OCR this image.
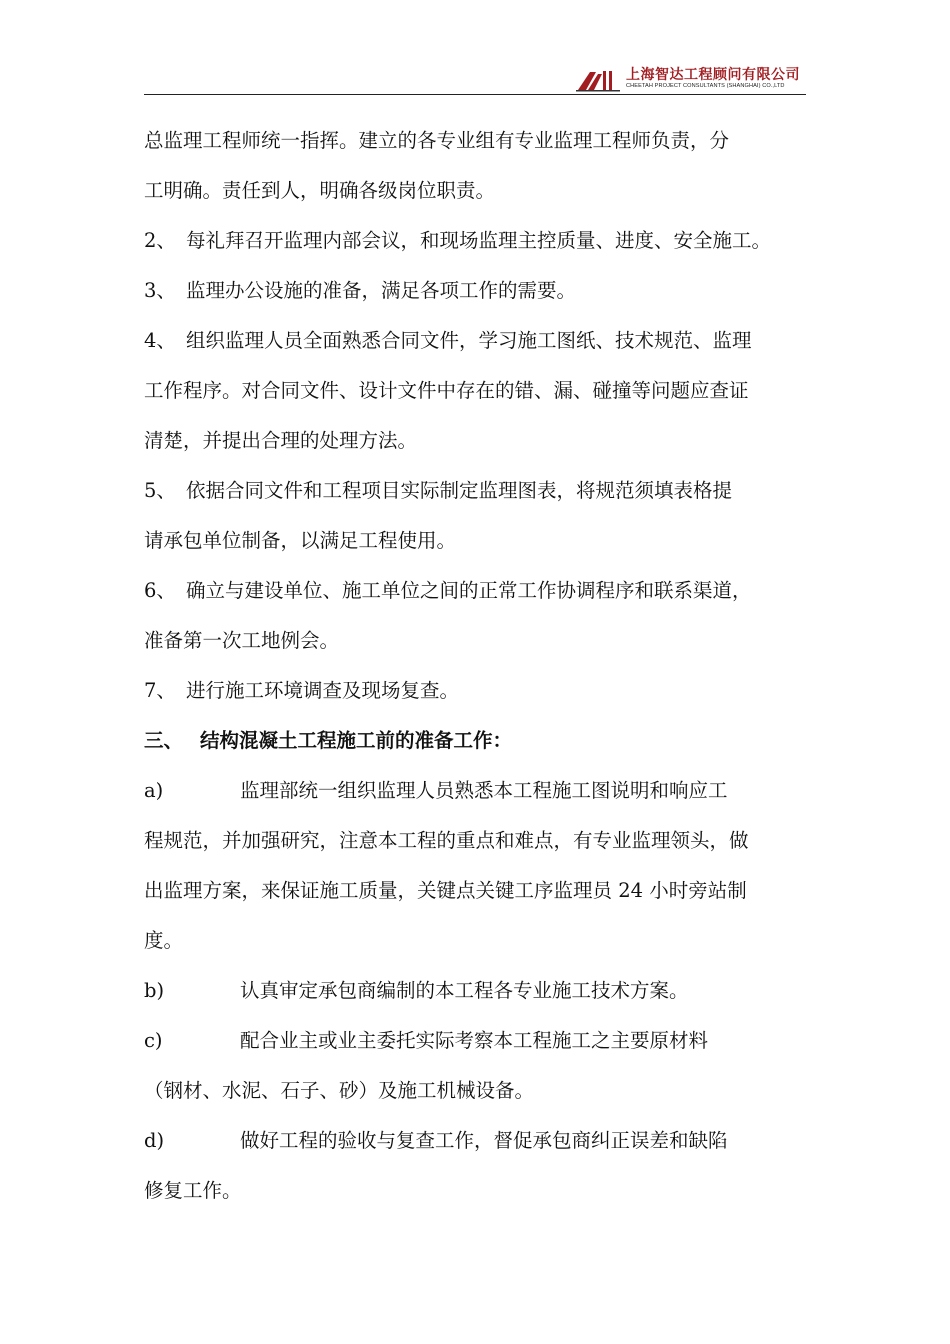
上海智达工程顾问有限公司
CHEETAH PROJECT CONSULTANTS (SHANGHAI) CO.,LTD
总监理工程师统一指挥。建立的各专业组有专业监理工程师负责，分
工明确。责任到人，明确各级岗位职责。
2、 每礼拜召开监理内部会议，和现场监理主控质量、进度、安全施工。
3、 监理办公设施的准备，满足各项工作的需要。
4、 组织监理人员全面熟悉合同文件，学习施工图纸、技术规范、监理
工作程序。对合同文件、设计文件中存在的错、漏、碰撞等问题应查证
清楚，并提出合理的处理方法。
5、 依据合同文件和工程项目实际制定监理图表，将规范须填表格提
请承包单位制备，以满足工程使用。
6、 确立与建设单位、施工单位之间的正常工作协调程序和联系渠道，
准备第一次工地例会。
7、 进行施工环境调查及现场复查。
三、 结构混凝土工程施工前的准备工作：
a)	监理部统一组织监理人员熟悉本工程施工图说明和响应工
程规范，并加强研究，注意本工程的重点和难点，有专业监理领头，做
出监理方案，来保证施工质量，关键点关键工序监理员 24 小时旁站制
度。
b)	认真审定承包商编制的本工程各专业施工技术方案。
c)	配合业主或业主委托实际考察本工程施工之主要原材料
（钢材、水泥、石子、砂）及施工机械设备。
d)	做好工程的验收与复查工作，督促承包商纠正误差和缺陷
修复工作。
